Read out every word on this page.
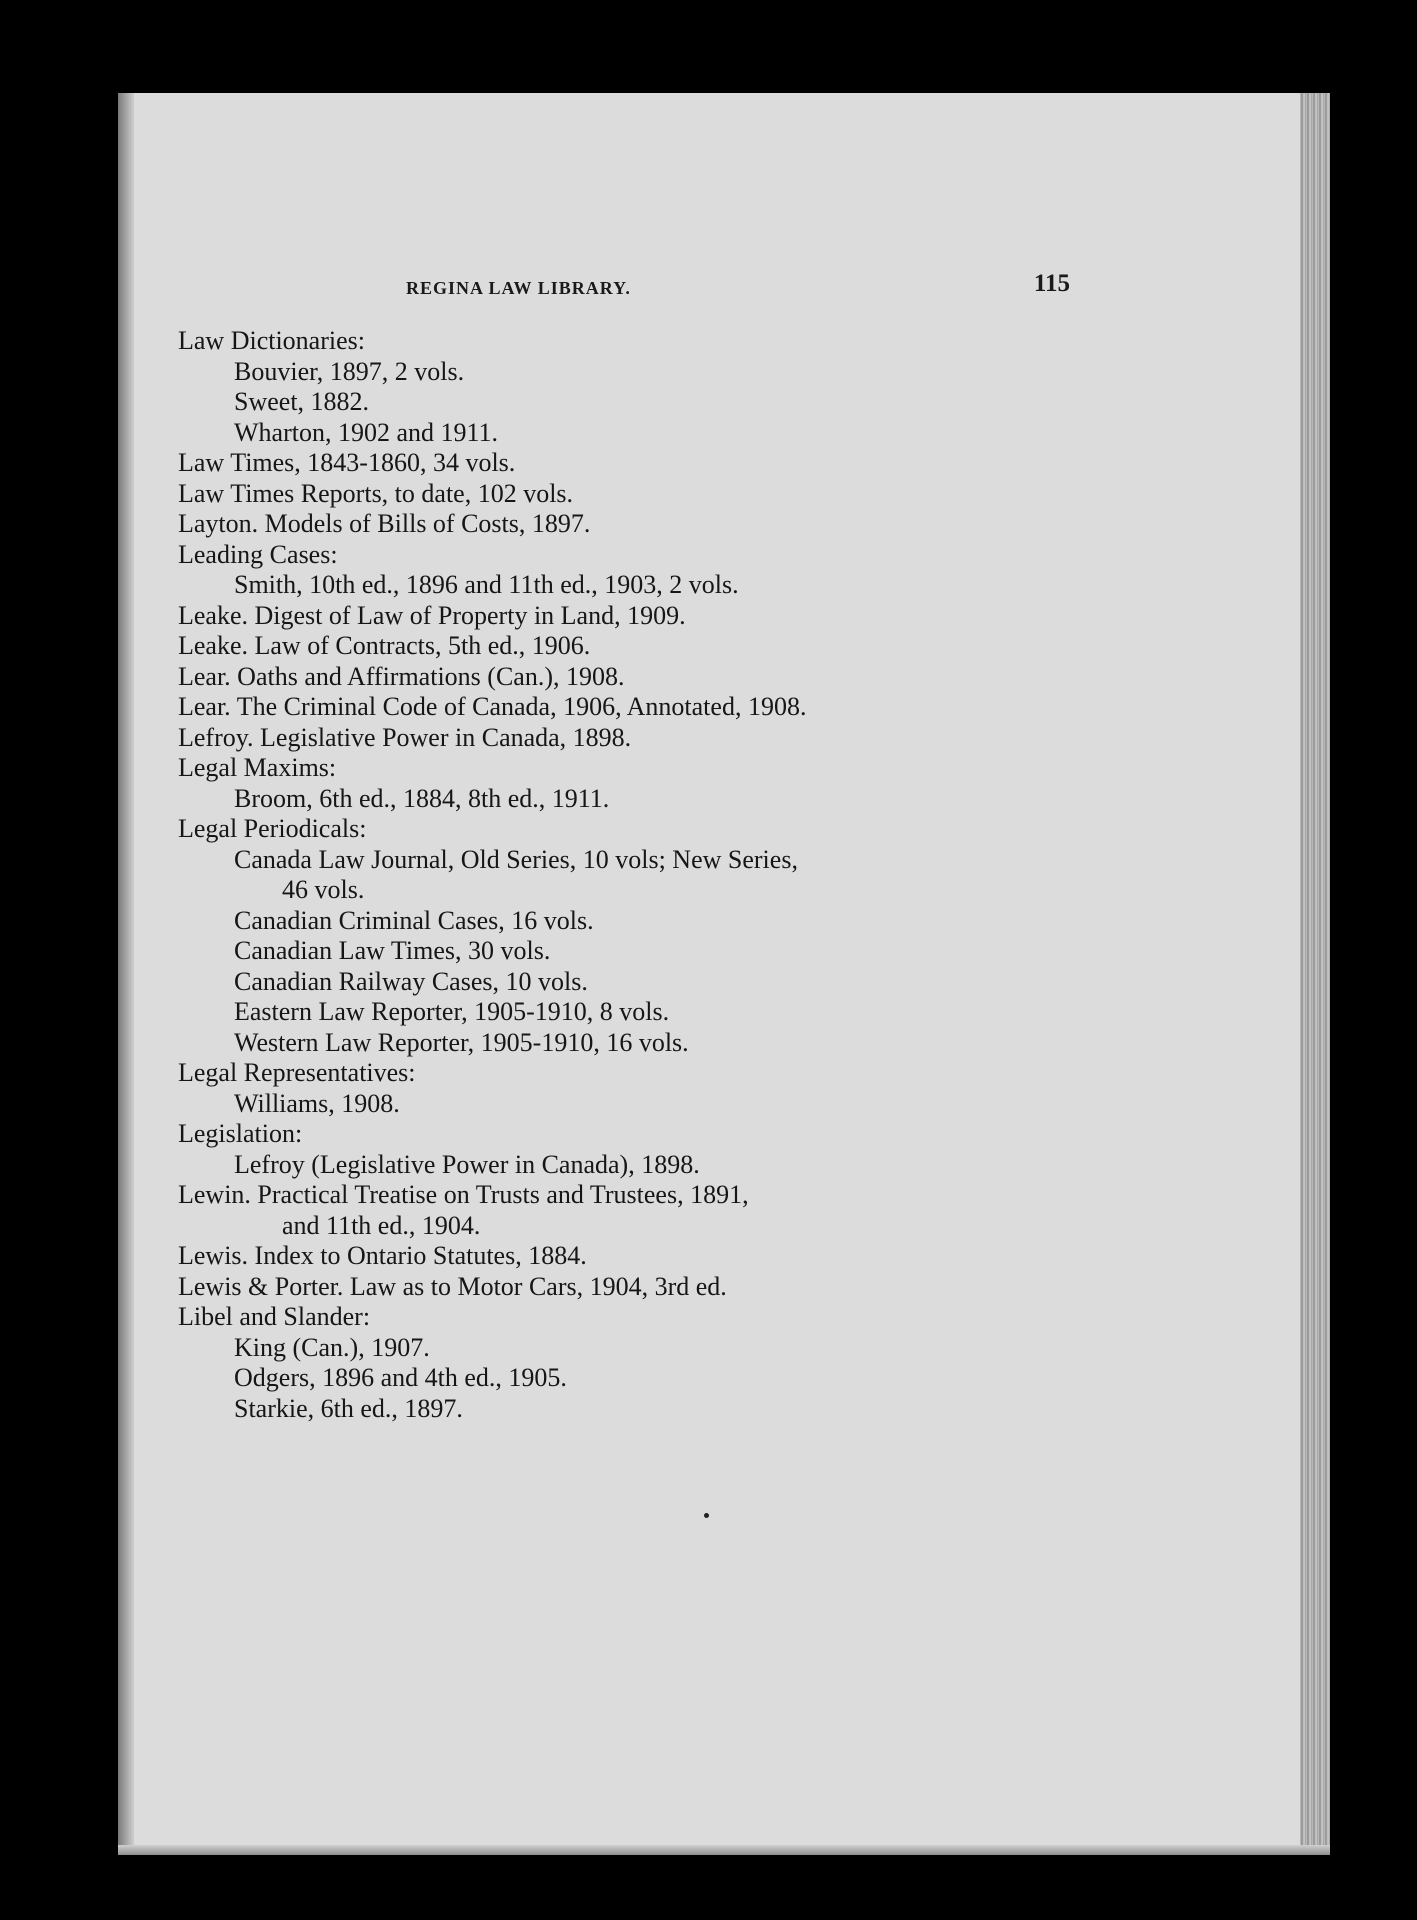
REGINA LAW LIBRARY.	115
Law Dictionaries:
Bouvier, 1897, 2 vols.
Sweet, 1882.
Wharton, 1902 and 1911.
Law Times, 1843-1860, 34 vols.
Law Times Reports, to date, 102 vols.
Layton. Models of Bills of Costs, 1897.
Leading Cases:
Smith, 10th ed., 1896 and 11th ed., 1903, 2 vols.
Leake. Digest of Law of Property in Land, 1909.
Leake. Law of Contracts, 5th ed., 1906.
Lear. Oaths and Affirmations (Can.), 1908.
Lear. The Criminal Code of Canada, 1906, Annotated, 1908.
Lefroy. Legislative Power in Canada, 1898.
Legal Maxims:
Broom, 6th ed., 1884, 8th ed., 1911.
Legal Periodicals:
Canada Law Journal, Old Series, 10 vols; New Series,
46 vols.
Canadian Criminal Cases, 16 vols.
Canadian Law Times, 30 vols.
Canadian Railway Cases, 10 vols.
Eastern Law Reporter, 1905-1910, 8 vols.
Western Law Reporter, 1905-1910, 16 vols.
Legal Representatives:
Williams, 1908.
Legislation:
Lefroy (Legislative Power in Canada), 1898.
Lewin. Practical Treatise on Trusts and Trustees, 1891,
and 11th ed., 1904.
Lewis. Index to Ontario Statutes, 1884.
Lewis & Porter. Law as to Motor Cars, 1904, 3rd ed.
Libel and Slander:
King (Can.), 1907.
Odgers, 1896 and 4th ed., 1905.
Starkie, 6th ed., 1897.
